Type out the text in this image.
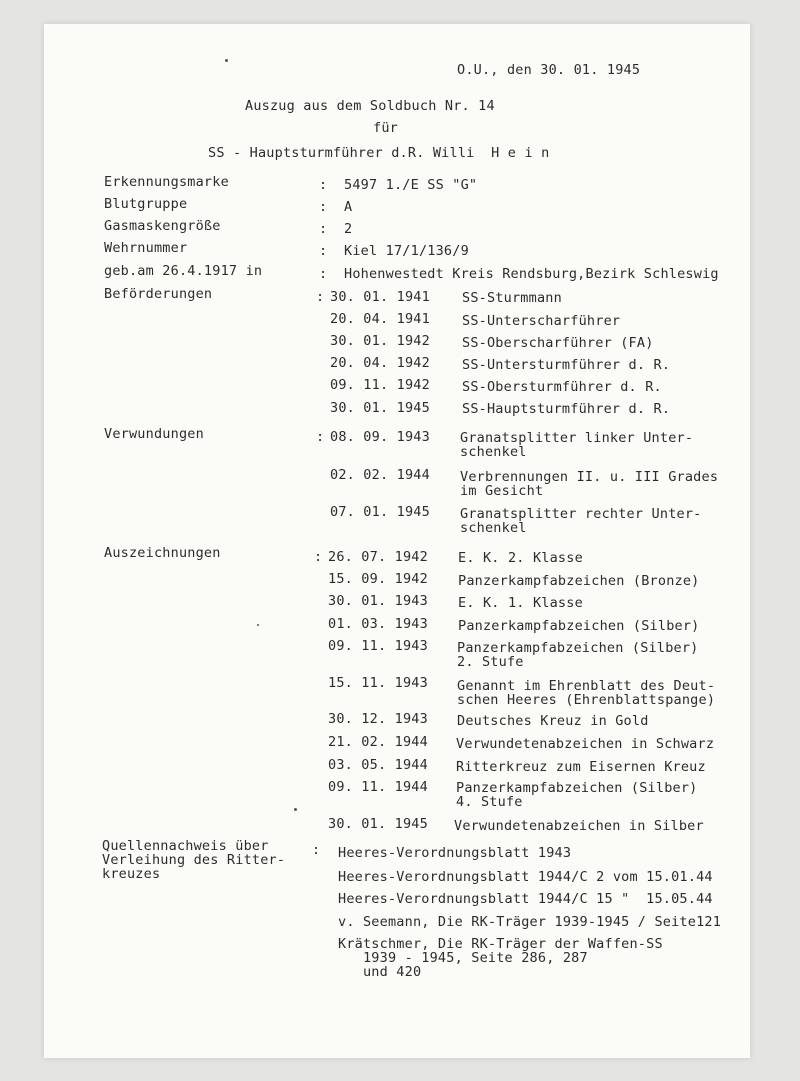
O.U., den 30. 01. 1945
Auszug aus dem Soldbuch Nr. 14
für
SS - Hauptsturmführer d.R. Willi  H e i n
Erkennungsmarke	: 5497 1./E SS "G"
Blutgruppe	: A
Gasmaskengröße	: 2
Wehrnummer	: Kiel 17/1/136/9
geb.am 26.4.1917 in	: Hohenwestedt Kreis Rendsburg,Bezirk Schleswig
Beförderungen	: 30. 01. 1941 SS-Sturmmann
20. 04. 1941 SS-Unterscharführer
30. 01. 1942 SS-Oberscharführer (FA)
20. 04. 1942 SS-Untersturmführer d. R.
09. 11. 1942 SS-Obersturmführer d. R.
30. 01. 1945 SS-Hauptsturmführer d. R.
Verwundungen	: 08. 09. 1943 Granatsplitter linker Unter-
schenkel
02. 02. 1944 Verbrennungen II. u. III Grades
im Gesicht
07. 01. 1945 Granatsplitter rechter Unter-
schenkel
Auszeichnungen	: 26. 07. 1942 E. K. 2. Klasse
15. 09. 1942 Panzerkampfabzeichen (Bronze)
30. 01. 1943 E. K. 1. Klasse
01. 03. 1943 Panzerkampfabzeichen (Silber)
09. 11. 1943 Panzerkampfabzeichen (Silber)
2. Stufe
15. 11. 1943 Genannt im Ehrenblatt des Deut-
schen Heeres (Ehrenblattspange)
30. 12. 1943 Deutsches Kreuz in Gold
21. 02. 1944 Verwundetenabzeichen in Schwarz
03. 05. 1944 Ritterkreuz zum Eisernen Kreuz
09. 11. 1944 Panzerkampfabzeichen (Silber)
4. Stufe
30. 01. 1945 Verwundetenabzeichen in Silber
Quellennachweis über
Verleihung des Ritter-
kreuzes
: Heeres-Verordnungsblatt 1943
Heeres-Verordnungsblatt 1944/C 2 vom 15.01.44
Heeres-Verordnungsblatt 1944/C 15 "  15.05.44
v. Seemann, Die RK-Träger 1939-1945 / Seite121
Krätschmer, Die RK-Träger der Waffen-SS
1939 - 1945, Seite 286, 287
und 420
